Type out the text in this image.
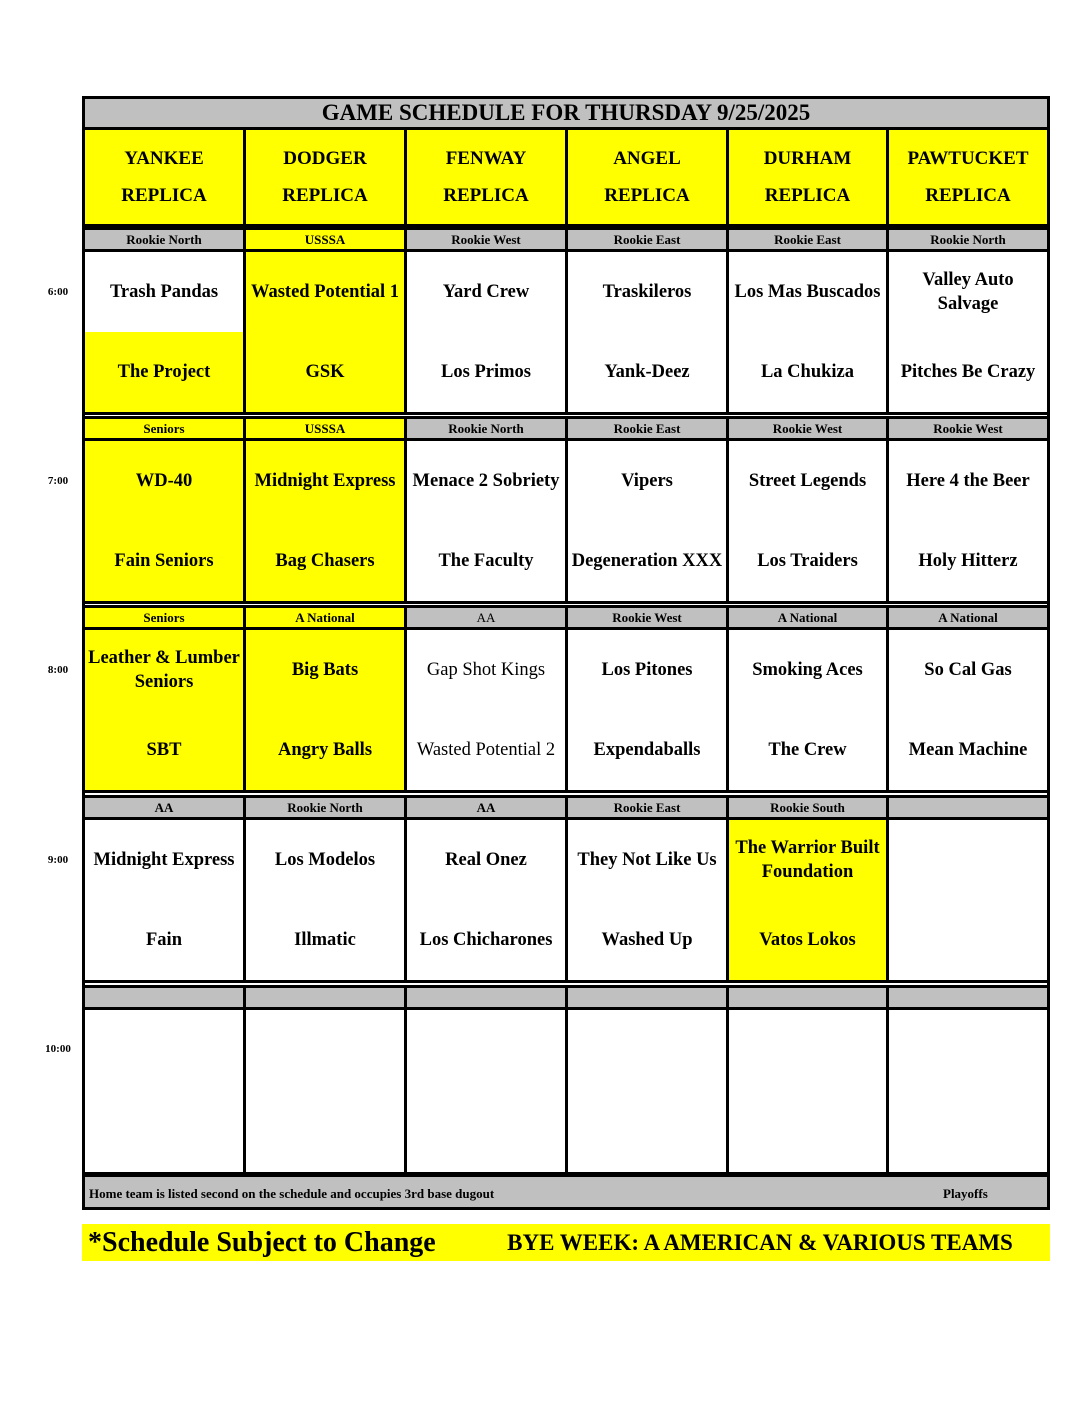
GAME SCHEDULE FOR THURSDAY 9/25/2025
YANKEE
REPLICA
DODGER
REPLICA
FENWAY
REPLICA
ANGEL
REPLICA
DURHAM
REPLICA
PAWTUCKET
REPLICA
6:00
Rookie North
Trash Pandas
The Project
USSSA
Wasted Potential 1
GSK
Rookie West
Yard Crew
Los Primos
Rookie East
Traskileros
Yank-Deez
Rookie East
Los Mas Buscados
La Chukiza
Rookie North
Valley Auto Salvage
Pitches Be Crazy
7:00
Seniors
WD-40
Fain Seniors
USSSA
Midnight Express
Bag Chasers
Rookie North
Menace 2 Sobriety
The Faculty
Rookie East
Vipers
Degeneration XXX
Rookie West
Street Legends
Los Traiders
Rookie West
Here 4 the Beer
Holy Hitterz
8:00
Seniors
Leather & Lumber Seniors
SBT
A National
Big Bats
Angry Balls
AA
Gap Shot Kings
Wasted Potential 2
Rookie West
Los Pitones
Expendaballs
A National
Smoking Aces
The Crew
A National
So Cal Gas
Mean Machine
9:00
AA
Midnight Express
Fain
Rookie North
Los Modelos
Illmatic
AA
Real Onez
Los Chicharones
Rookie East
They Not Like Us
Washed Up
Rookie South
The Warrior Built Foundation
Vatos Lokos
10:00
Home team is listed second on the schedule and occupies 3rd base dugout	Playoffs
*Schedule Subject to Change	BYE WEEK: A AMERICAN & VARIOUS TEAMS
